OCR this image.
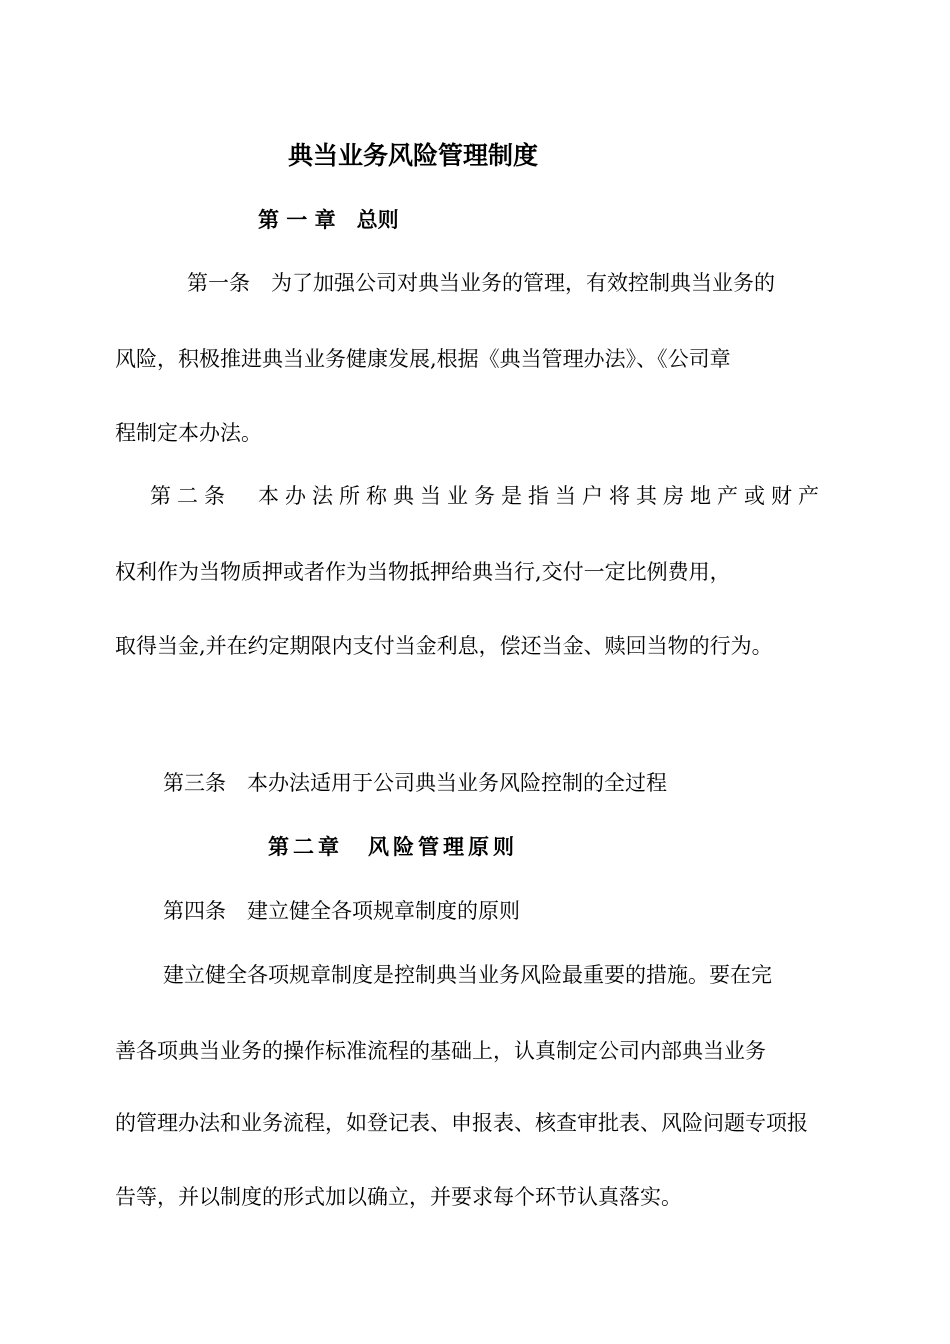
典当业务风险管理制度
第 一 章　总则
第一条　为了加强公司对典当业务的管理，有效控制典当业务的
风险，积极推进典当业务健康发展,根据《典当管理办法》、《公司章
程制定本办法。
第二条　本办法所称典当业务是指当户将其房地产或财产
权利作为当物质押或者作为当物抵押给典当行,交付一定比例费用，
取得当金,并在约定期限内支付当金利息，偿还当金、赎回当物的行为。
第三条　本办法适用于公司典当业务风险控制的全过程
第二章　风险管理原则
第四条　建立健全各项规章制度的原则
建立健全各项规章制度是控制典当业务风险最重要的措施。要在完
善各项典当业务的操作标准流程的基础上，认真制定公司内部典当业务
的管理办法和业务流程，如登记表、申报表、核查审批表、风险问题专项报
告等，并以制度的形式加以确立，并要求每个环节认真落实。
